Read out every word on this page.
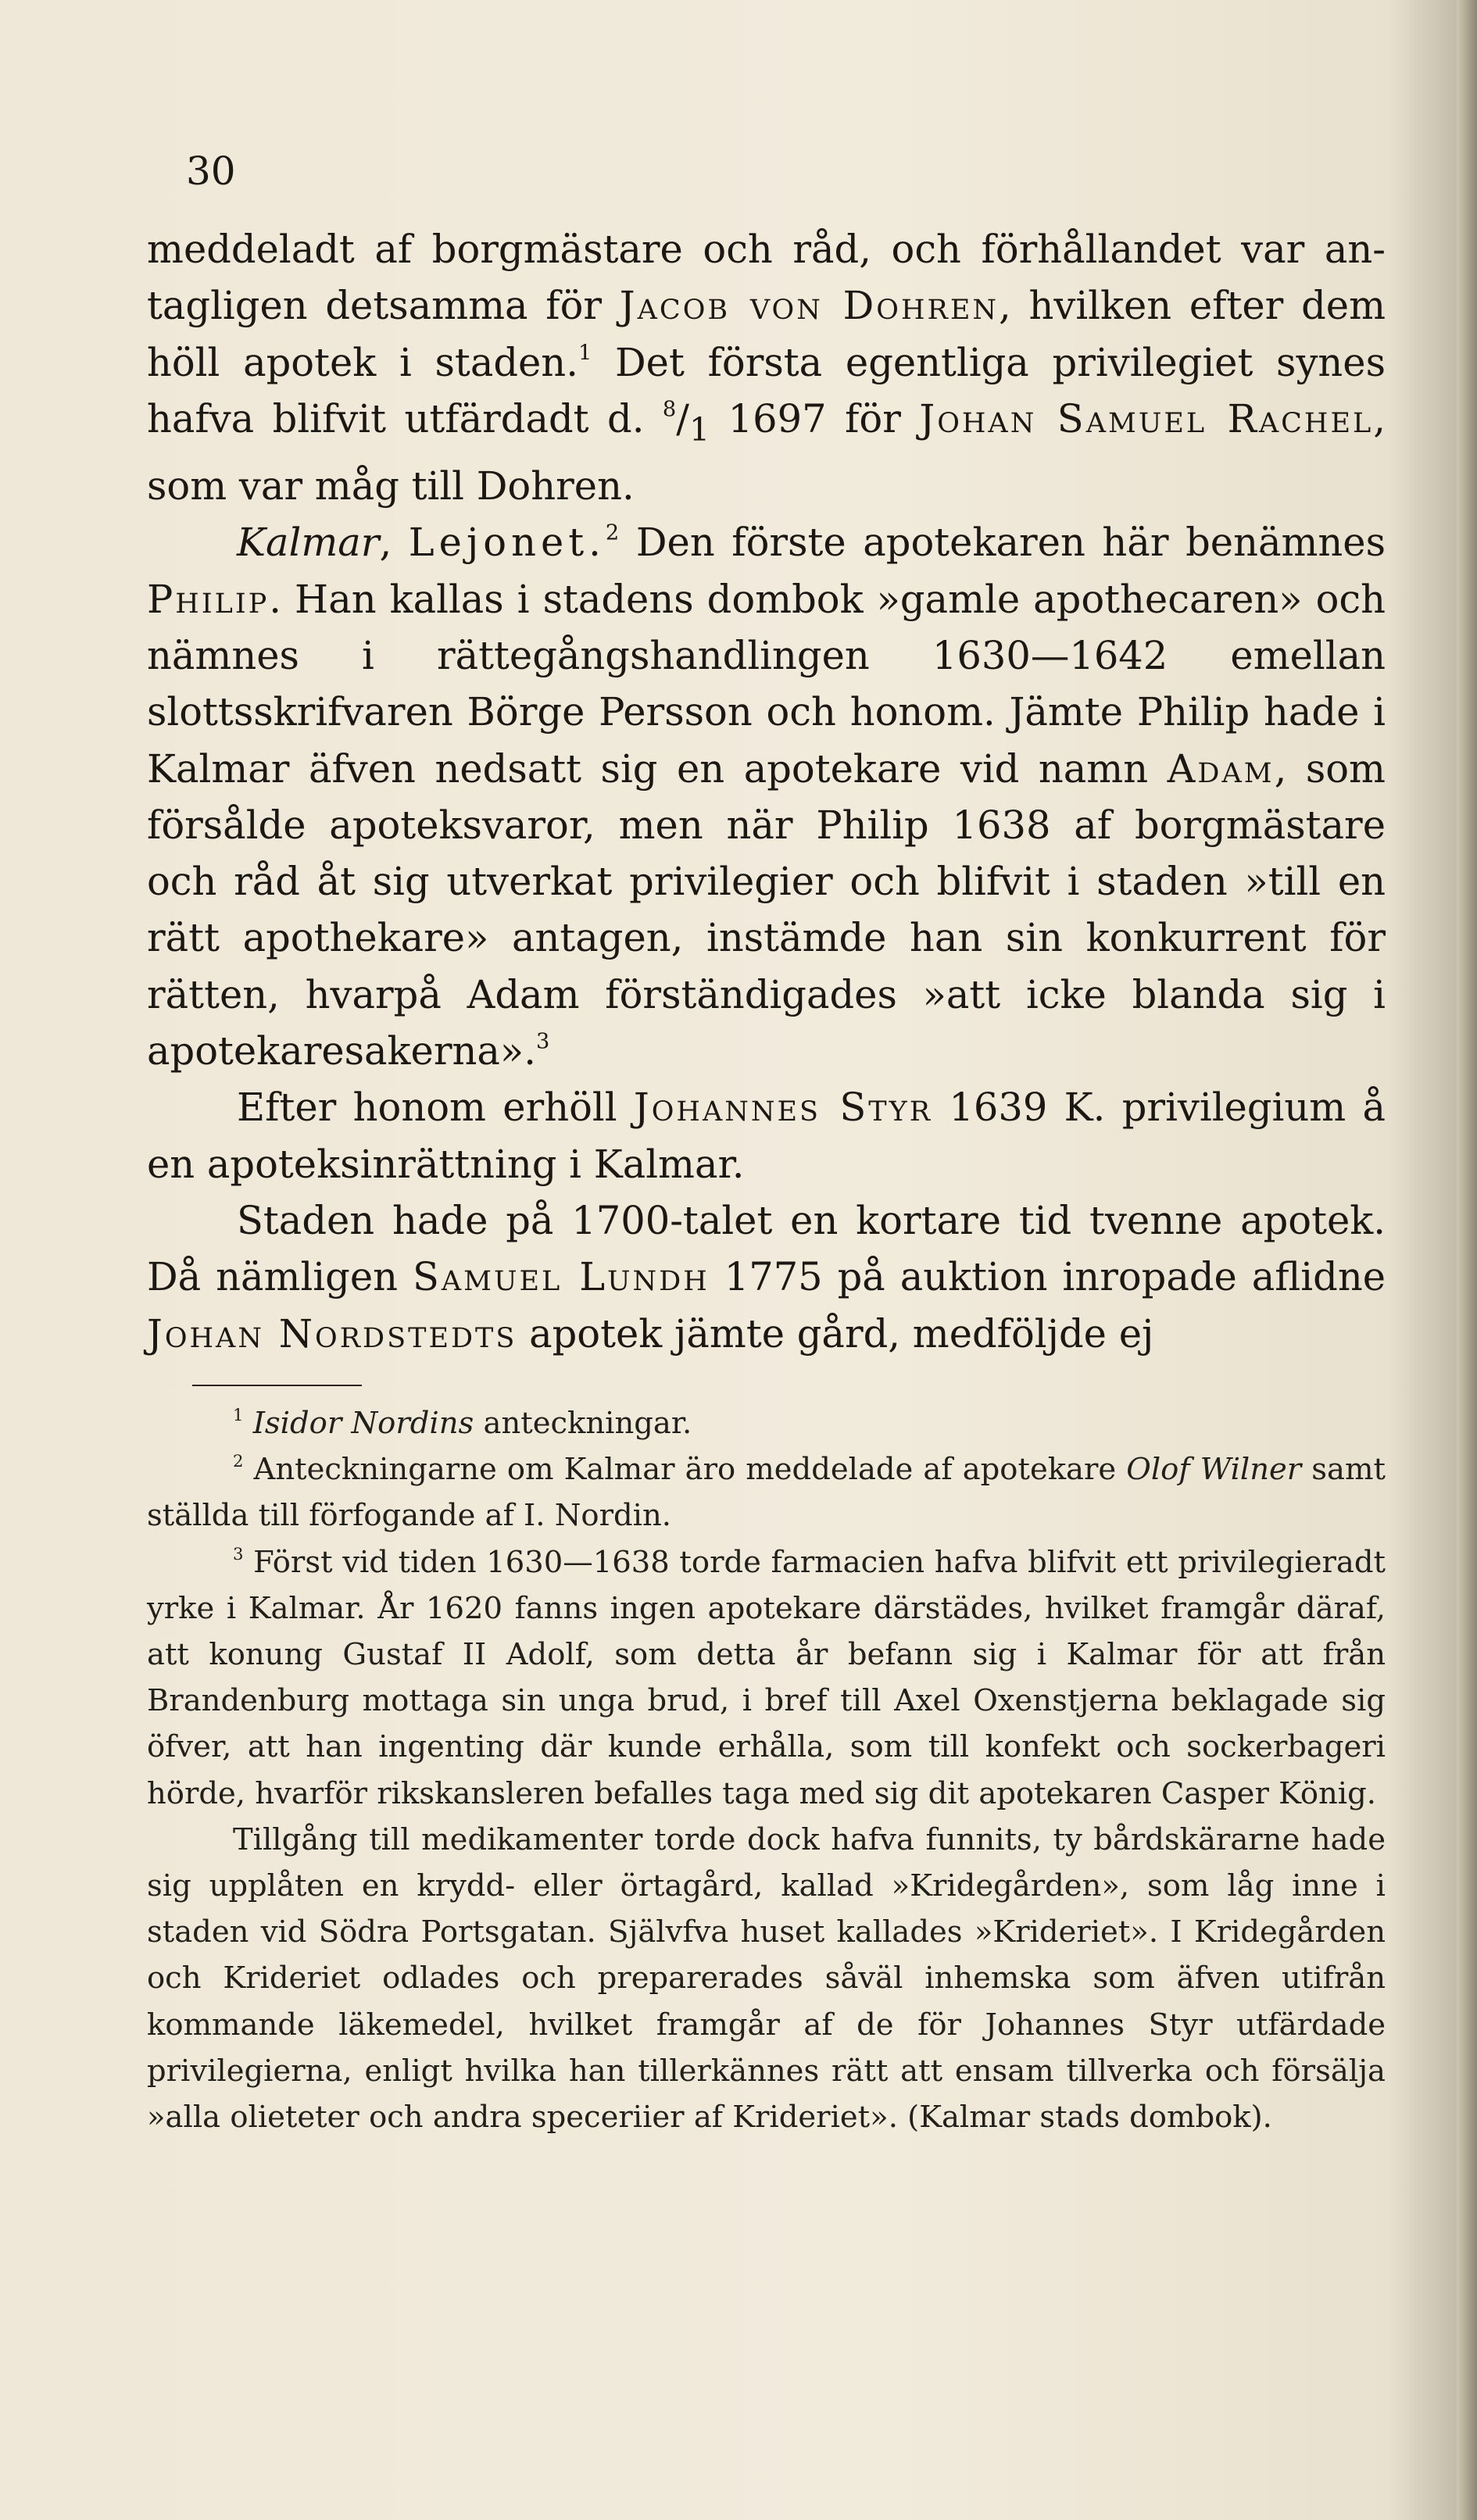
30

meddeladt af borgmästare och råd, och förhållandet var antagligen detsamma för Jacob von Dohren, hvilken efter dem höll apotek i staden.$^1$ Det första egentliga privilegiet synes hafva blifvit utfärdadt d. $^8/_1$ 1697 för Johan Samuel Rachel, som var måg till Dohren.

Kalmar, Lejonet.$^2$ Den förste apotekaren här benämnes Philip. Han kallas i stadens dombok »gamle apothecaren» och nämnes i rättegångshandlingen 1630—1642 emellan slottsskrifvaren Börge Persson och honom. Jämte Philip hade i Kalmar äfven nedsatt sig en apotekare vid namn Adam, som försålde apoteksvaror, men när Philip 1638 af borgmästare och råd åt sig utverkat privilegier och blifvit i staden »till en rätt apothekare» antagen, instämde han sin konkurrent för rätten, hvarpå Adam förständigades »att icke blanda sig i apotekaresakerna».$^3$

Efter honom erhöll Johannes Styr 1639 K. privilegium å en apoteksinrättning i Kalmar.

Staden hade på 1700-talet en kortare tid tvenne apotek. Då nämligen Samuel Lundh 1775 på auktion inropade aflidne Johan Nordstedts apotek jämte gård, medföljde ej

$^1$ Isidor Nordins anteckningar.

$^2$ Anteckningarne om Kalmar äro meddelade af apotekare Olof Wilner samt ställda till förfogande af I. Nordin.

$^3$ Först vid tiden 1630—1638 torde farmacien hafva blifvit ett privilegieradt yrke i Kalmar. År 1620 fanns ingen apotekare därstädes, hvilket framgår däraf, att konung Gustaf II Adolf, som detta år befann sig i Kalmar för att från Brandenburg mottaga sin unga brud, i bref till Axel Oxenstjerna beklagade sig öfver, att han ingenting där kunde erhålla, som till konfekt och sockerbageri hörde, hvarför rikskansleren befalles taga med sig dit apotekaren Casper König.

Tillgång till medikamenter torde dock hafva funnits, ty bårdskärarne hade sig upplåten en krydd- eller örtagård, kallad »Kridegården», som låg inne i staden vid Södra Portsgatan. Självfva huset kallades »Krideriet». I Kridegården och Krideriet odlades och preparerades såväl inhemska som äfven utifrån kommande läkemedel, hvilket framgår af de för Johannes Styr utfärdade privilegierna, enligt hvilka han tillerkännes rätt att ensam tillverka och försälja »alla olieteter och andra speceriier af Krideriet». (Kalmar stads dombok).
